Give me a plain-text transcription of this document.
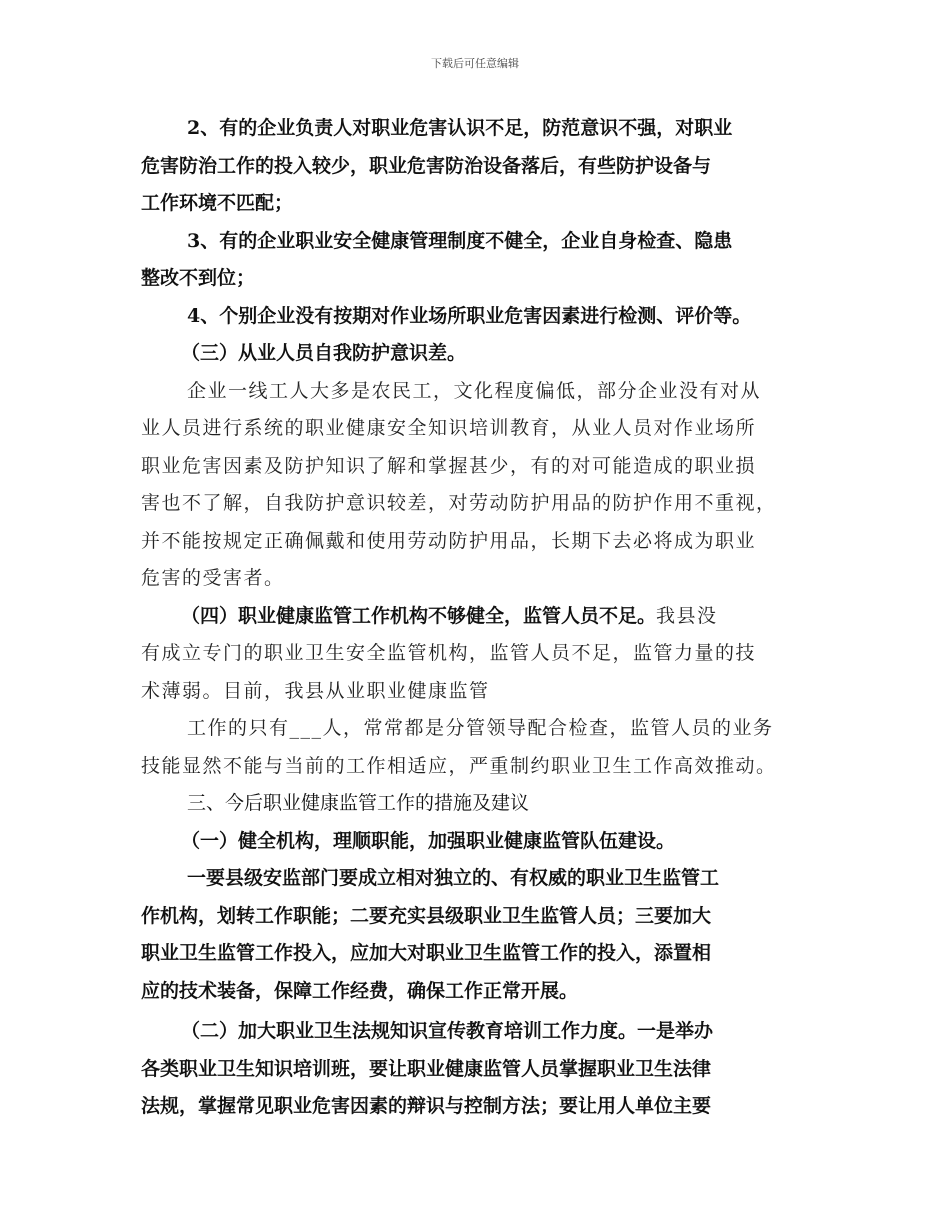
下载后可任意编辑
2、有的企业负责人对职业危害认识不足，防范意识不强，对职业
危害防治工作的投入较少，职业危害防治设备落后，有些防护设备与
工作环境不匹配；
3、有的企业职业安全健康管理制度不健全，企业自身检查、隐患
整改不到位；
4、个别企业没有按期对作业场所职业危害因素进行检测、评价等。
（三）从业人员自我防护意识差。
企业一线工人大多是农民工，文化程度偏低，部分企业没有对从
业人员进行系统的职业健康安全知识培训教育，从业人员对作业场所
职业危害因素及防护知识了解和掌握甚少，有的对可能造成的职业损
害也不了解，自我防护意识较差，对劳动防护用品的防护作用不重视，
并不能按规定正确佩戴和使用劳动防护用品，长期下去必将成为职业
危害的受害者。
（四）职业健康监管工作机构不够健全，监管人员不足。我县没
有成立专门的职业卫生安全监管机构，监管人员不足，监管力量的技
术薄弱。目前，我县从业职业健康监管
工作的只有___人，常常都是分管领导配合检查，监管人员的业务
技能显然不能与当前的工作相适应，严重制约职业卫生工作高效推动。
三、今后职业健康监管工作的措施及建议
（一）健全机构，理顺职能，加强职业健康监管队伍建设。
一要县级安监部门要成立相对独立的、有权威的职业卫生监管工
作机构，划转工作职能；二要充实县级职业卫生监管人员；三要加大
职业卫生监管工作投入，应加大对职业卫生监管工作的投入，添置相
应的技术装备，保障工作经费，确保工作正常开展。
（二）加大职业卫生法规知识宣传教育培训工作力度。一是举办
各类职业卫生知识培训班，要让职业健康监管人员掌握职业卫生法律
法规，掌握常见职业危害因素的辩识与控制方法；要让用人单位主要
